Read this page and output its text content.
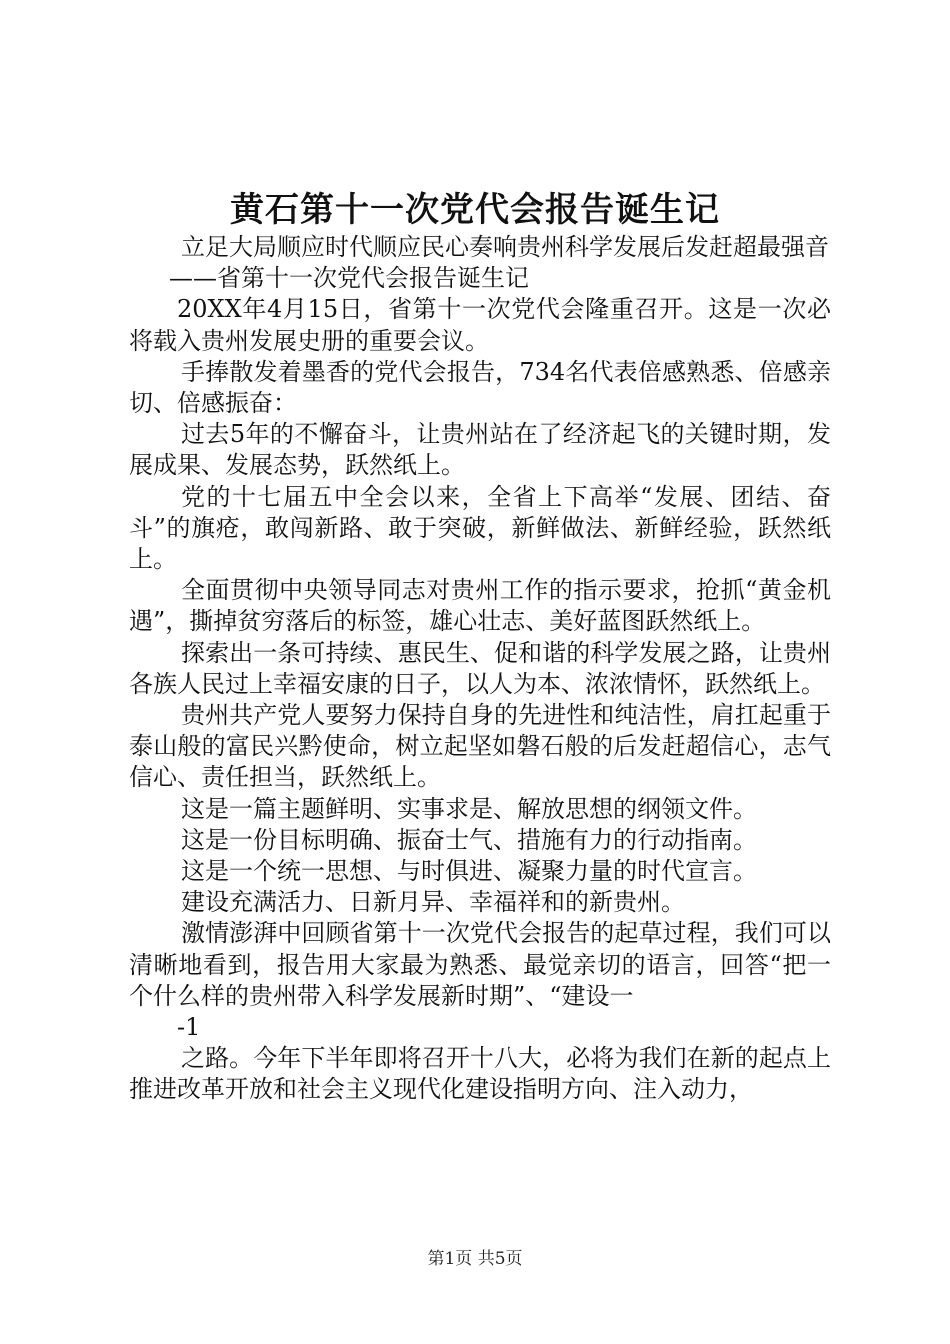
黄石第十一次党代会报告诞生记

立足大局顺应时代顺应民心奏响贵州科学发展后发赶超最强音

——省第十一次党代会报告诞生记

20XX年4月15日，省第十一次党代会隆重召开。这是一次必将载入贵州发展史册的重要会议。

手捧散发着墨香的党代会报告，734名代表倍感熟悉、倍感亲切、倍感振奋：

过去5年的不懈奋斗，让贵州站在了经济起飞的关键时期，发展成果、发展态势，跃然纸上。

党的十七届五中全会以来，全省上下高举“发展、团结、奋斗”的旗疮，敢闯新路、敢于突破，新鲜做法、新鲜经验，跃然纸上。

全面贯彻中央领导同志对贵州工作的指示要求，抢抓“黄金机遇”，撕掉贫穷落后的标签，雄心壮志、美好蓝图跃然纸上。

探索出一条可持续、惠民生、促和谐的科学发展之路，让贵州各族人民过上幸福安康的日子，以人为本、浓浓情怀，跃然纸上。

贵州共产党人要努力保持自身的先进性和纯洁性，肩扛起重于泰山般的富民兴黔使命，树立起坚如磐石般的后发赶超信心，志气信心、责任担当，跃然纸上。

这是一篇主题鲜明、实事求是、解放思想的纲领文件。

这是一份目标明确、振奋士气、措施有力的行动指南。

这是一个统一思想、与时俱进、凝聚力量的时代宣言。

建设充满活力、日新月异、幸福祥和的新贵州。

激情澎湃中回顾省第十一次党代会报告的起草过程，我们可以清晰地看到，报告用大家最为熟悉、最觉亲切的语言，回答“把一个什么样的贵州带入科学发展新时期”、“建设一

-1

之路。今年下半年即将召开十八大，必将为我们在新的起点上推进改革开放和社会主义现代化建设指明方向、注入动力，

第1页 共5页
